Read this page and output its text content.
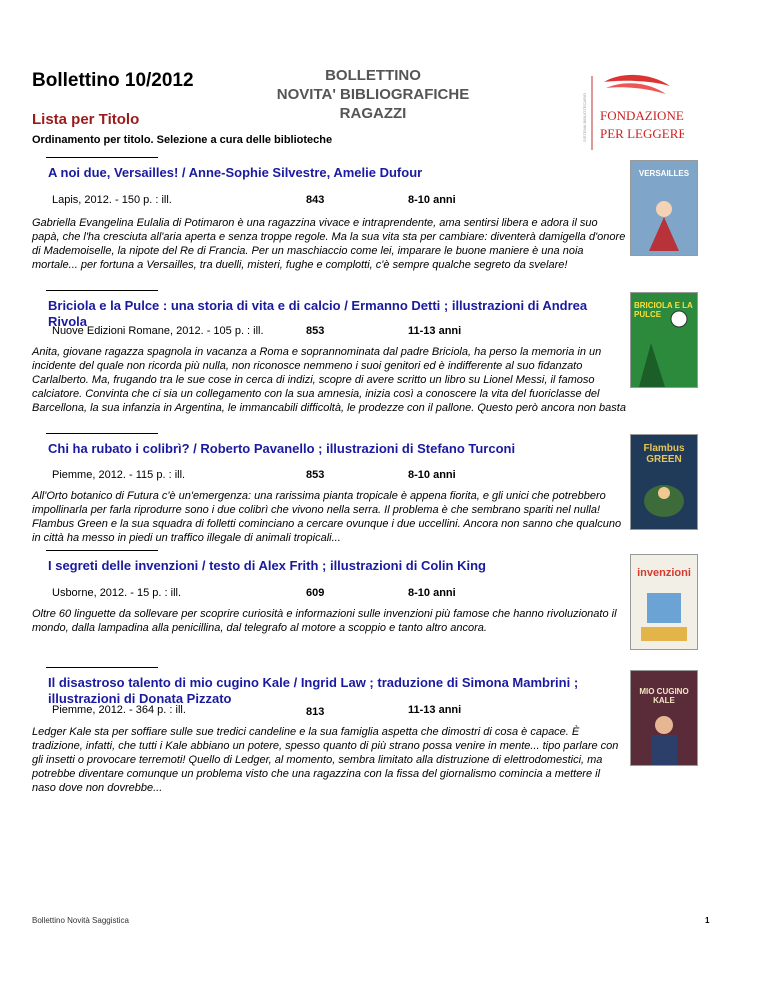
Bollettino 10/2012
Lista per Titolo
BOLLETTINO
NOVITA' BIBLIOGRAFICHE
RAGAZZI
Ordinamento per titolo. Selezione a cura delle biblioteche	SISTEMA BIBLIOTECARIO FONDAZIONE
PER LEGGERE
A noi due, Versailles! / Anne-Sophie Silvestre, Amelie Dufour
Lapis, 2012. - 150 p. : ill.	843	8-10 anni
Gabriella Evangelina Eulalia di Potimaron è una ragazzina vivace e intraprendente, ama sentirsi libera e adora il suo papà, che l'ha cresciuta all'aria aperta e senza troppe regole. Ma la sua vita sta per cambiare: diventerà damigella d'onore di Mademoiselle, la nipote del Re di Francia. Per un maschiaccio come lei, imparare le buone maniere è una noia mortale... per fortuna a Versailles, tra duelli, misteri, fughe e complotti, c'è sempre qualche segreto da svelare!
VERSAILLES
Briciola e la Pulce : una storia di vita e di calcio / Ermanno Detti ; illustrazioni di Andrea Rivola
Nuove Edizioni Romane, 2012. - 105 p. : ill.	853	11-13 anni
Anita, giovane ragazza spagnola in vacanza a Roma e soprannominata dal padre Briciola, ha perso la memoria in un incidente del quale non ricorda più nulla, non riconosce nemmeno i suoi genitori ed è indifferente al suo fidanzato Carlalberto. Ma, frugando tra le sue cose in cerca di indizi, scopre di avere scritto un libro su Lionel Messi, il famoso calciatore. Convinta che ci sia un collegamento con la sua amnesia, inizia così a conoscere la vita del fuoriclasse del Barcellona, la sua infanzia in Argentina, le immancabili difficoltà, le prodezze con il pallone. Questo però ancora non basta
BRICIOLA E LA PULCE
Chi ha rubato i colibrì? / Roberto Pavanello ; illustrazioni di Stefano Turconi
Piemme, 2012. - 115 p. : ill.	853	8-10 anni
All'Orto botanico di Futura c'è un'emergenza: una rarissima pianta tropicale è appena fiorita, e gli unici che potrebbero impollinarla per farla riprodurre sono i due colibrì che vivono nella serra. Il problema è che sembrano spariti nel nulla! Flambus Green e la sua squadra di folletti cominciano a cercare ovunque i due uccellini. Ancora non sanno che qualcuno in città ha messo in piedi un traffico illegale di animali tropicali...
Flambus GREEN
I segreti delle invenzioni / testo di Alex Frith ; illustrazioni di Colin King
Usborne, 2012. - 15 p. : ill.	609	8-10 anni
Oltre 60 linguette da sollevare per scoprire curiosità e informazioni sulle invenzioni più famose che hanno rivoluzionato il mondo, dalla lampadina alla penicillina, dal telegrafo al motore a scoppio e tanto altro ancora.
invenzioni
Il disastroso talento di mio cugino Kale / Ingrid Law ; traduzione di Simona Mambrini ; illustrazioni di Donata Pizzato
Piemme, 2012. - 364 p. : ill.	813	11-13 anni
Ledger Kale sta per soffiare sulle sue tredici candeline e la sua famiglia aspetta che dimostri di cosa è capace. È tradizione, infatti, che tutti i Kale abbiano un potere, spesso quanto di più strano possa venire in mente... tipo parlare con gli insetti o provocare terremoti! Quello di Ledger, al momento, sembra limitato alla distruzione di elettrodomestici, ma potrebbe diventare comunque un problema visto che una ragazzina con la fissa del giornalismo comincia a mettere il naso dove non dovrebbe...
MIO CUGINO KALE
Bollettino Novità Saggistica	1
